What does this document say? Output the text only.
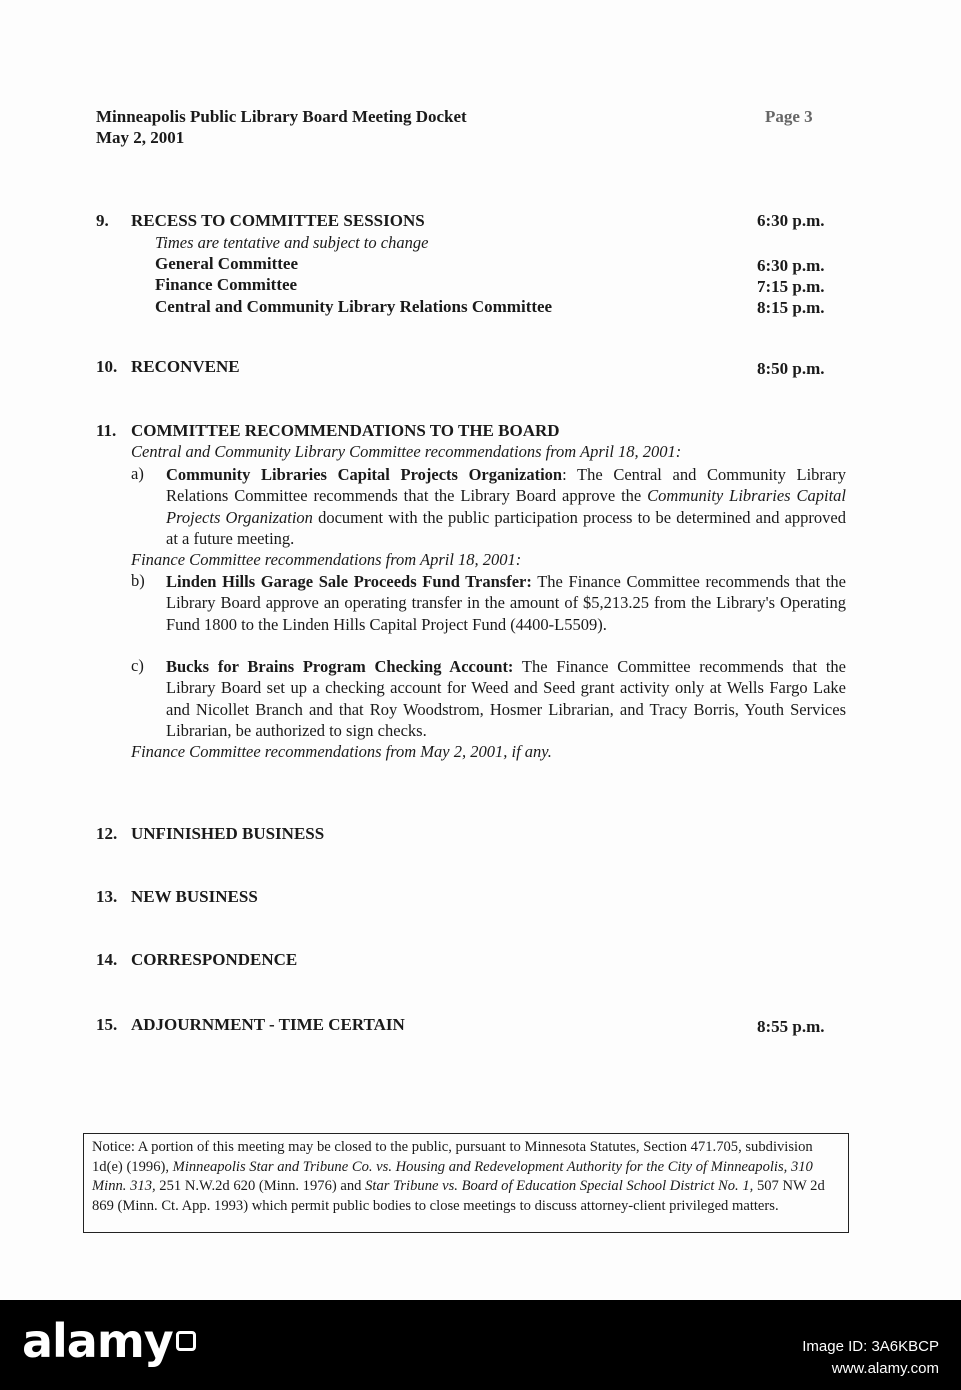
Minneapolis Public Library Board Meeting Docket
May 2, 2001
Page 3
9. RECESS TO COMMITTEE SESSIONS	6:30 p.m.
Times are tentative and subject to change
General Committee	6:30 p.m.
Finance Committee	7:15 p.m.
Central and Community Library Relations Committee	8:15 p.m.
10. RECONVENE	8:50 p.m.
11. COMMITTEE RECOMMENDATIONS TO THE BOARD
Central and Community Library Committee recommendations from April 18, 2001:
a) Community Libraries Capital Projects Organization: The Central and Community Library Relations Committee recommends that the Library Board approve the Community Libraries Capital Projects Organization document with the public participation process to be determined and approved at a future meeting.
Finance Committee recommendations from April 18, 2001:
b) Linden Hills Garage Sale Proceeds Fund Transfer: The Finance Committee recommends that the Library Board approve an operating transfer in the amount of $5,213.25 from the Library's Operating Fund 1800 to the Linden Hills Capital Project Fund (4400-L5509).
c) Bucks for Brains Program Checking Account: The Finance Committee recommends that the Library Board set up a checking account for Weed and Seed grant activity only at Wells Fargo Lake and Nicollet Branch and that Roy Woodstrom, Hosmer Librarian, and Tracy Borris, Youth Services Librarian, be authorized to sign checks.
Finance Committee recommendations from May 2, 2001, if any.
12. UNFINISHED BUSINESS
13. NEW BUSINESS
14. CORRESPONDENCE
15. ADJOURNMENT - TIME CERTAIN	8:55 p.m.
Notice: A portion of this meeting may be closed to the public, pursuant to Minnesota Statutes, Section 471.705, subdivision 1d(e) (1996), Minneapolis Star and Tribune Co. vs. Housing and Redevelopment Authority for the City of Minneapolis, 310 Minn. 313, 251 N.W.2d 620 (Minn. 1976) and Star Tribune vs. Board of Education Special School District No. 1, 507 NW 2d 869 (Minn. Ct. App. 1993) which permit public bodies to close meetings to discuss attorney-client privileged matters.
alamy	Image ID: 3A6KBCP
www.alamy.com
